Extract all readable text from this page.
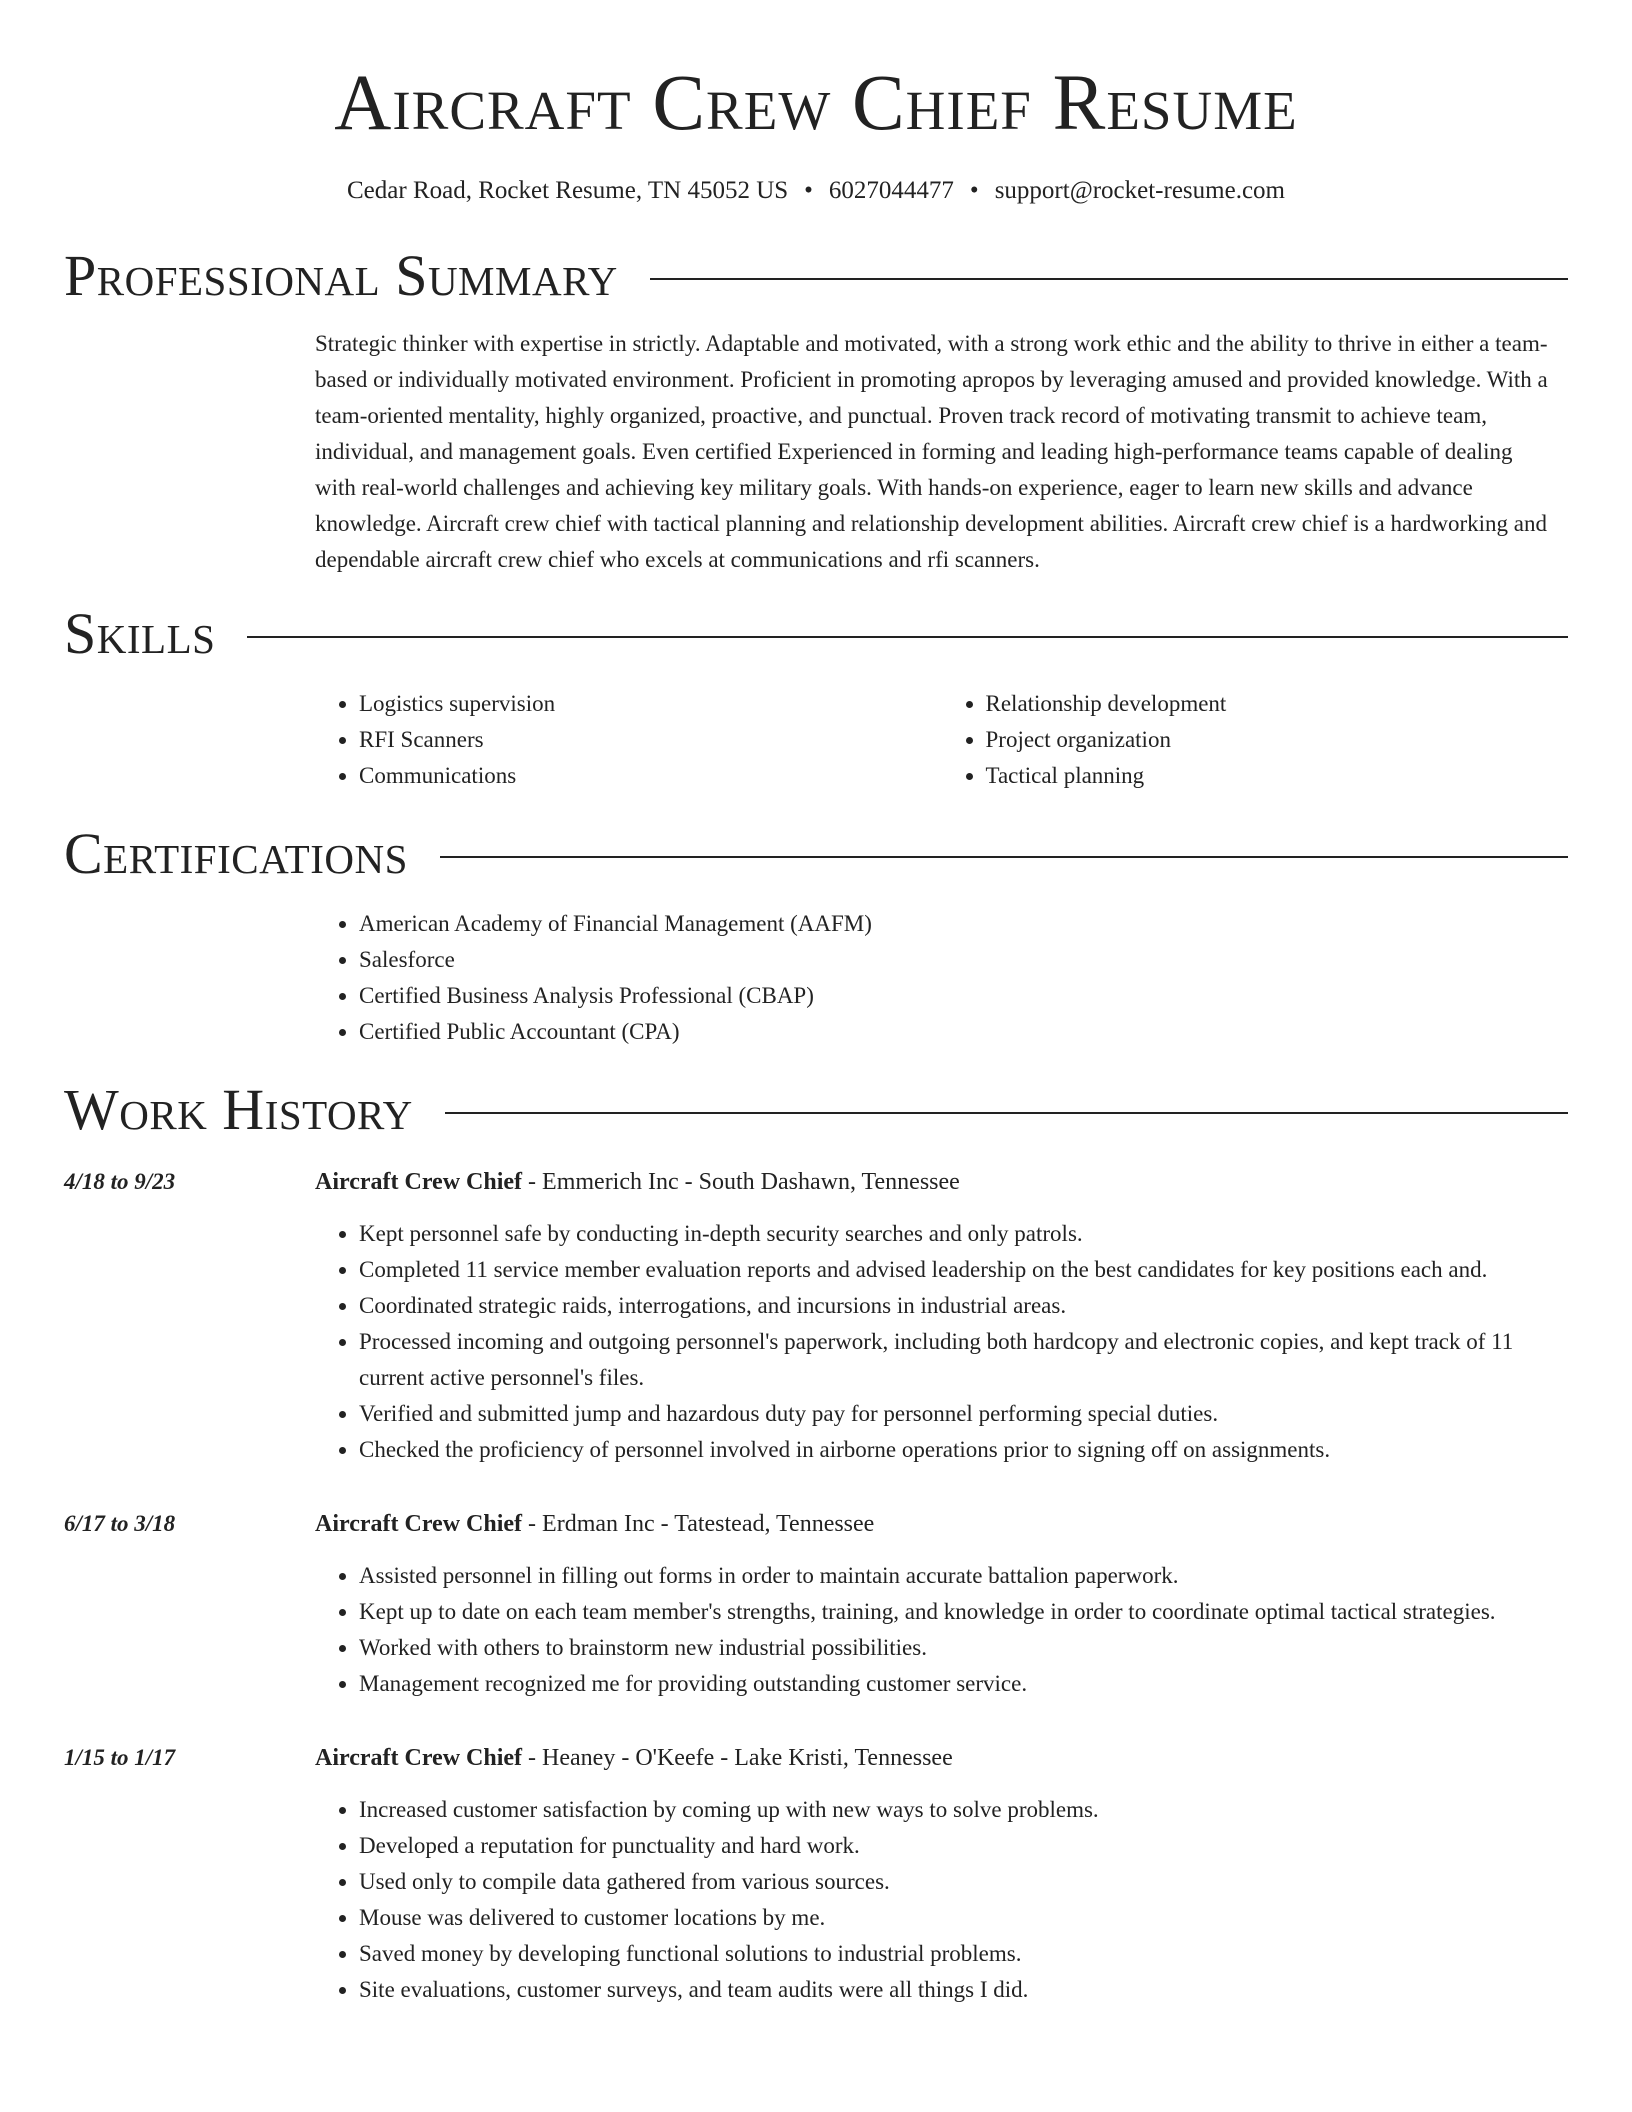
Aircraft Crew Chief Resume
Cedar Road, Rocket Resume, TN 45052 US • 6027044477 • support@rocket-resume.com
Professional Summary

Strategic thinker with expertise in strictly. Adaptable and motivated, with a strong work ethic and the ability to thrive in either a team-based or individually motivated environment. Proficient in promoting apropos by leveraging amused and provided knowledge. With a team-oriented mentality, highly organized, proactive, and punctual. Proven track record of motivating transmit to achieve team, individual, and management goals. Even certified Experienced in forming and leading high-performance teams capable of dealing with real-world challenges and achieving key military goals. With hands-on experience, eager to learn new skills and advance knowledge. Aircraft crew chief with tactical planning and relationship development abilities. Aircraft crew chief is a hardworking and dependable aircraft crew chief who excels at communications and rfi scanners.

Skills
• Logistics supervision
• RFI Scanners
• Communications
• Relationship development
• Project organization
• Tactical planning
Certifications
• American Academy of Financial Management (AAFM)
• Salesforce
• Certified Business Analysis Professional (CBAP)
• Certified Public Accountant (CPA)
Work History
4/18 to 9/23	Aircraft Crew Chief - Emmerich Inc - South Dashawn, Tennessee
• Kept personnel safe by conducting in-depth security searches and only patrols.
• Completed 11 service member evaluation reports and advised leadership on the best candidates for key positions each and.
• Coordinated strategic raids, interrogations, and incursions in industrial areas.
• Processed incoming and outgoing personnel's paperwork, including both hardcopy and electronic copies, and kept track of 11 current active personnel's files.
• Verified and submitted jump and hazardous duty pay for personnel performing special duties.
• Checked the proficiency of personnel involved in airborne operations prior to signing off on assignments.
6/17 to 3/18	Aircraft Crew Chief - Erdman Inc - Tatestead, Tennessee
• Assisted personnel in filling out forms in order to maintain accurate battalion paperwork.
• Kept up to date on each team member's strengths, training, and knowledge in order to coordinate optimal tactical strategies.
• Worked with others to brainstorm new industrial possibilities.
• Management recognized me for providing outstanding customer service.
1/15 to 1/17	Aircraft Crew Chief - Heaney - O'Keefe - Lake Kristi, Tennessee
• Increased customer satisfaction by coming up with new ways to solve problems.
• Developed a reputation for punctuality and hard work.
• Used only to compile data gathered from various sources.
• Mouse was delivered to customer locations by me.
• Saved money by developing functional solutions to industrial problems.
• Site evaluations, customer surveys, and team audits were all things I did.
